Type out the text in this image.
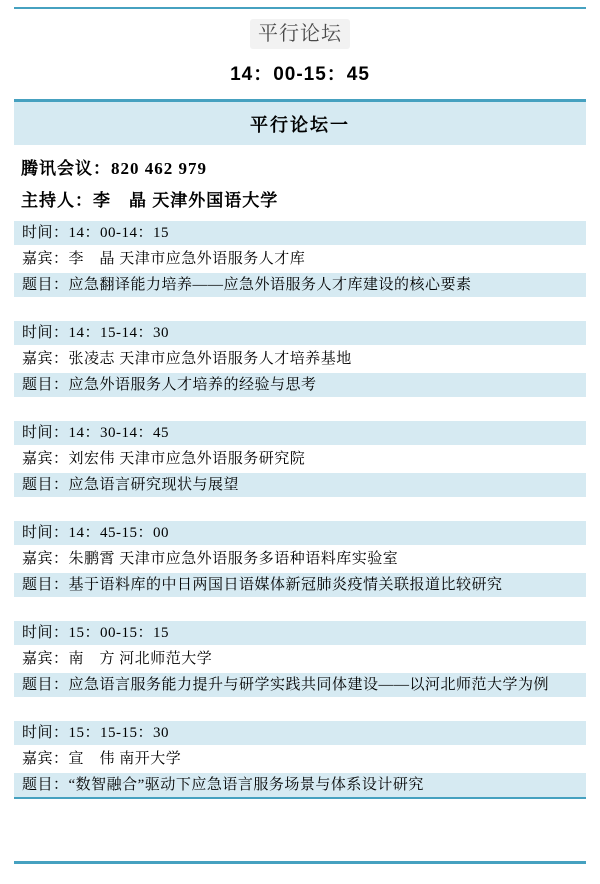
平行论坛
14：00-15：45
平行论坛一
腾讯会议：820 462 979
主持人：李　晶 天津外国语大学
时间：14：00-14：15
嘉宾：李　晶 天津市应急外语服务人才库
题目：应急翻译能力培养——应急外语服务人才库建设的核心要素
时间：14：15-14：30
嘉宾：张凌志 天津市应急外语服务人才培养基地
题目：应急外语服务人才培养的经验与思考
时间：14：30-14：45
嘉宾：刘宏伟 天津市应急外语服务研究院
题目：应急语言研究现状与展望
时间：14：45-15：00
嘉宾：朱鹏霄 天津市应急外语服务多语种语料库实验室
题目：基于语料库的中日两国日语媒体新冠肺炎疫情关联报道比较研究
时间：15：00-15：15
嘉宾：南　方 河北师范大学
题目：应急语言服务能力提升与研学实践共同体建设——以河北师范大学为例
时间：15：15-15：30
嘉宾：宣　伟 南开大学
题目：“数智融合”驱动下应急语言服务场景与体系设计研究
